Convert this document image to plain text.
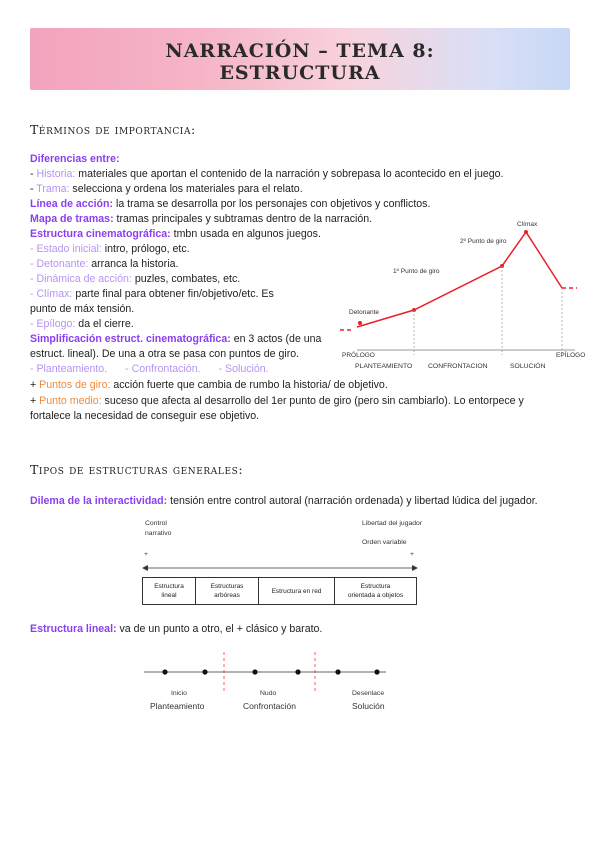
NARRACIÓN – TEMA 8:
ESTRUCTURA
Términos de importancia:
Diferencias entre:
- Historia: materiales que aportan el contenido de la narración y sobrepasa lo acontecido en el juego.
- Trama: selecciona y ordena los materiales para el relato.
Línea de acción: la trama se desarrolla por los personajes con objetivos y conflictos.
Mapa de tramas: tramas principales y subtramas dentro de la narración.
Estructura cinematográfica: tmbn usada en algunos juegos.
- Estado inicial: intro, prólogo, etc.
- Detonante: arranca la historia.
- Dinámica de acción: puzles, combates, etc.
- Clímax: parte final para obtener fin/objetivo/etc. Es
punto de máx tensión.
- Epílogo: da el cierre.
Simplificación estruct. cinematográfica: en 3 actos (de una
estruct. lineal). De una a otra se pasa con puntos de giro.
- Planteamiento. - Confrontación. - Solución.
+ Puntos de giro: acción fuerte que cambia de rumbo la historia/ de objetivo.
+ Punto medio: suceso que afecta al desarrollo del 1er punto de giro (pero sin cambiarlo). Lo entorpece y
fortalece la necesidad de conseguir ese objetivo.
Clímax
2º Punto de giro
1º Punto de giro
Detonante
PRÓLOGO
PLANTEAMIENTO CONFRONTACION	SOLUCIÓN
EPÍLOGO
Tipos de estructuras generales:
Dilema de la interactividad: tensión entre control autoral (narración ordenada) y libertad lúdica del jugador.
Control
narrativo
Libertad del jugador
Orden variable
+	+
Estructura
lineal
Estructuras
arbóreas
Estructura en red
Estructura
orientada a objetos
Estructura lineal: va de un punto a otro, el + clásico y barato.
Inicio	Nudo	Desenlace
Planteamiento	Confrontación	Solución
